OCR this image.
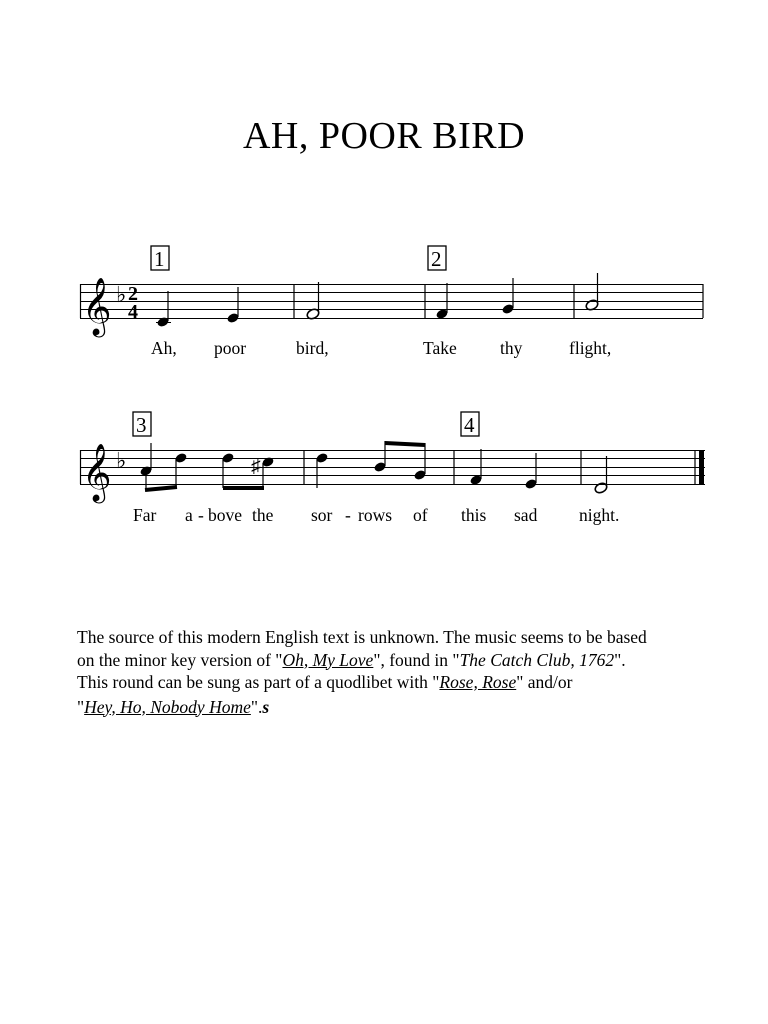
AH, POOR BIRD
𝄞 ♭ 2
4
1	2
Ah, poor	bird,	Take thy	flight,
𝄞 ♭
3	4
♯
Far a - bove the sor - rows of this sad night.

The source of this modern English text is unknown. The music seems to be based

on the minor key version of "Oh, My Love", found in "The Catch Club, 1762".

This round can be sung as part of a quodlibet with "Rose, Rose" and/or

"Hey, Ho, Nobody Home".s
